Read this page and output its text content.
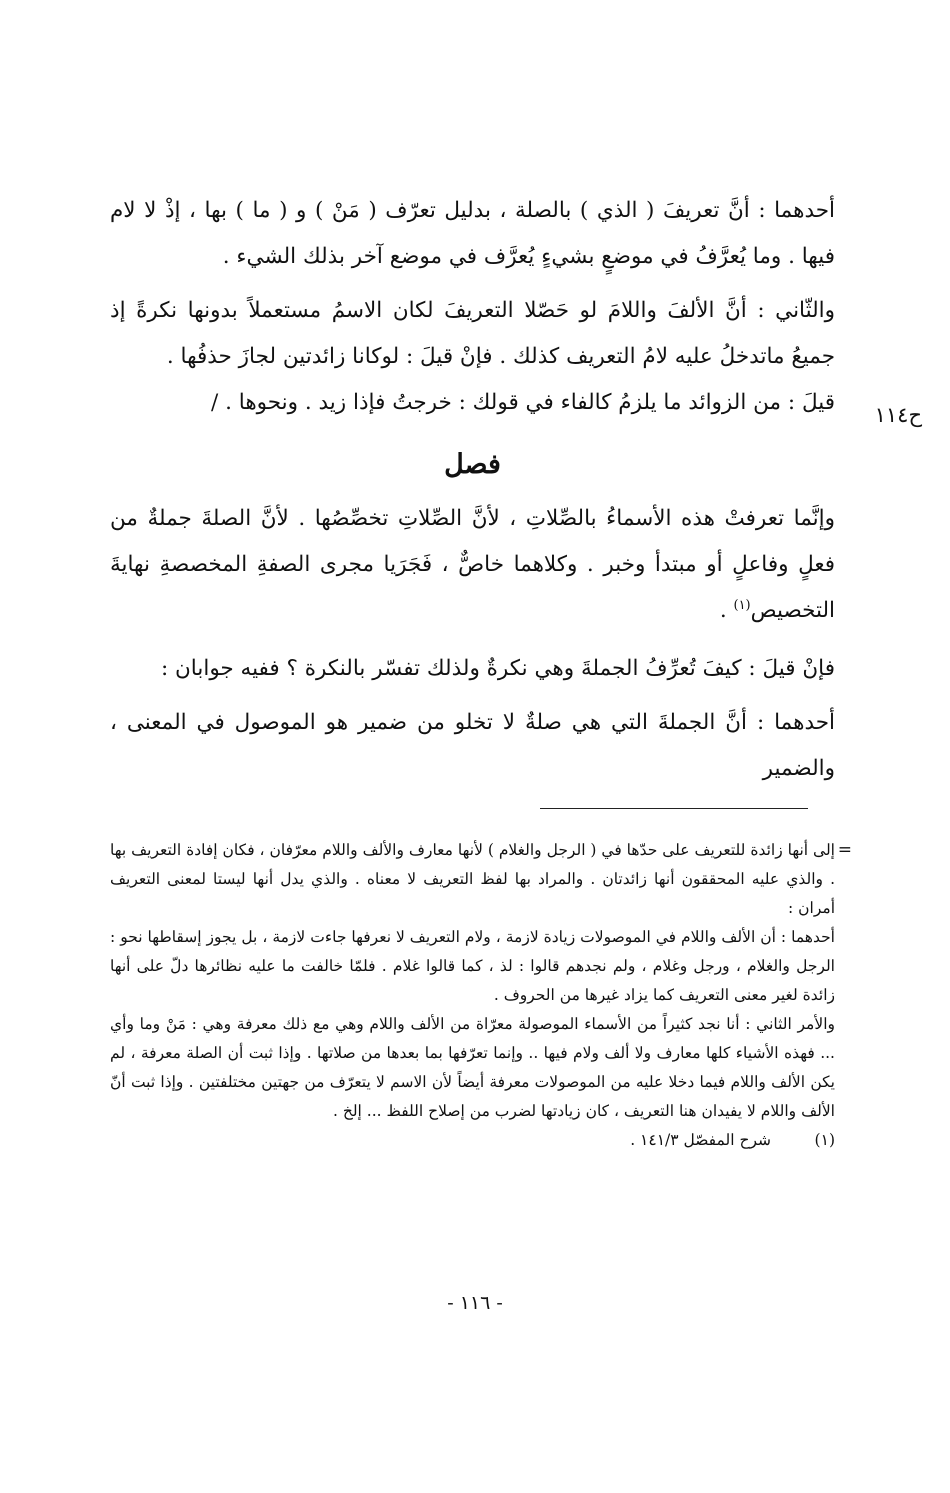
أحدهما : أنَّ تعريفَ ( الذي ) بالصلة ، بدليل تعرّف ( مَنْ ) و ( ما ) بها ، إذْ لا لام فيها . وما يُعرَّفُ في موضعٍ بشيءٍ يُعرَّف في موضع آخر بذلك الشيء .

والثّاني : أنَّ الألفَ واللامَ لو حَصّلا التعريفَ لكان الاسمُ مستعملاً بدونها نكرةً إذ جميعُ ماتدخلُ عليه لامُ التعريف كذلك . فإنْ قيلَ : لوكانا زائدتين لجازَ حذفُها .

قيلَ : من الزوائد ما يلزمُ كالفاء في قولك : خرجتُ فإذا زيد . ونحوها . /

فصل

وإنَّما تعرفتْ هذه الأسماءُ بالصِّلاتِ ، لأنَّ الصِّلاتِ تخصِّصُها . لأنَّ الصلةَ جملةٌ من فعلٍ وفاعلٍ أو مبتدأ وخبر . وكلاهما خاصٌّ ، فَجَرَيا مجرى الصفةِ المخصصةِ نهايةَ التخصيص$^{(١)}$ .

فإنْ قيلَ : كيفَ تُعرِّفُ الجملةَ وهي نكرةٌ ولذلك تفسّر بالنكرة ؟ ففيه جوابان :

أحدهما : أنَّ الجملةَ التي هي صلةٌ لا تخلو من ضمير هو الموصول في المعنى ، والضمير

ح١١٤
=

إلى أنها زائدة للتعريف على حدّها في ( الرجل والغلام ) لأنها معارف والألف واللام معرّفان ، فكان إفادة التعريف بها . والذي عليه المحققون أنها زائدتان . والمراد بها لفظ التعريف لا معناه . والذي يدل أنها ليستا لمعنى التعريف أمران :

أحدهما : أن الألف واللام في الموصولات زيادة لازمة ، ولام التعريف لا نعرفها جاءت لازمة ، بل يجوز إسقاطها نحو : الرجل والغلام ، ورجل وغلام ، ولم نجدهم قالوا : لذ ، كما قالوا غلام . فلمّا خالفت ما عليه نظائرها دلّ على أنها زائدة لغير معنى التعريف كما يزاد غيرها من الحروف .

والأمر الثاني : أنا نجد كثيراً من الأسماء الموصولة معرّاة من الألف واللام وهي مع ذلك معرفة وهي : مَنْ وما وأي ... فهذه الأشياء كلها معارف ولا ألف ولام فيها .. وإنما تعرّفها بما بعدها من صلاتها . وإذا ثبت أن الصلة معرفة ، لم يكن الألف واللام فيما دخلا عليه من الموصولات معرفة أيضاً لأن الاسم لا يتعرّف من جهتين مختلفتين . وإذا ثبت أنّ الألف واللام لا يفيدان هنا التعريف ، كان زيادتها لضرب من إصلاح اللفظ ... إلخ .

(١)
شرح المفصّل ١٤١/٣ .
- ١١٦ -
